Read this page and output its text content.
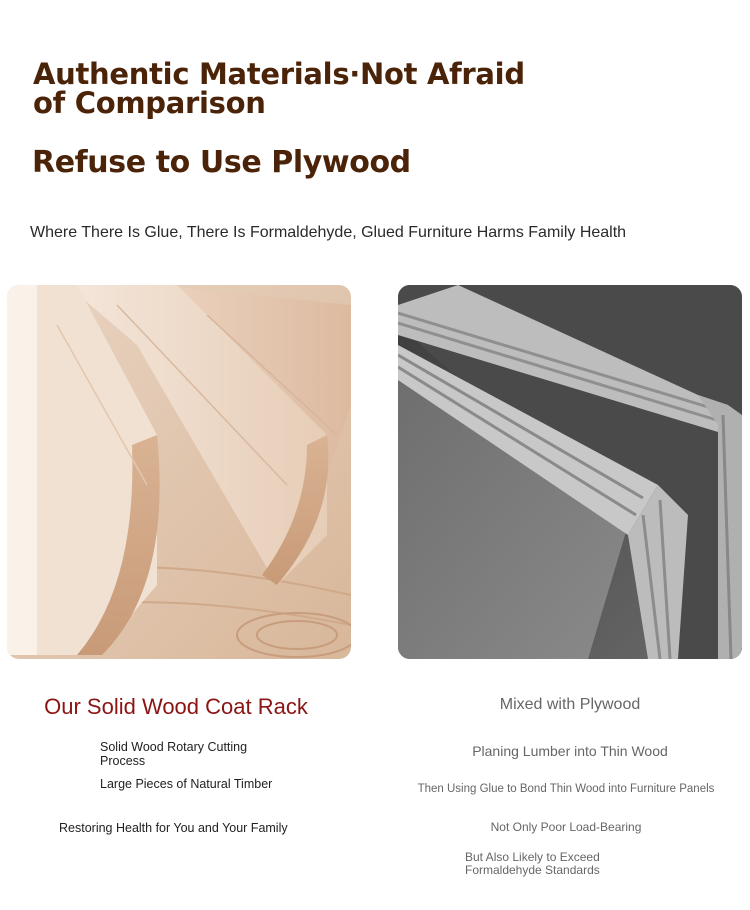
Authentic Materials·Not Afraid of Comparison
Refuse to Use Plywood
Where There Is Glue, There Is Formaldehyde, Glued Furniture Harms Family Health
Our Solid Wood Coat Rack
Solid Wood Rotary Cutting Process
Large Pieces of Natural Timber
Restoring Health for You and Your Family
Mixed with Plywood
Planing Lumber into Thin Wood
Then Using Glue to Bond Thin Wood into Furniture Panels
Not Only Poor Load-Bearing
But Also Likely to Exceed Formaldehyde Standards
